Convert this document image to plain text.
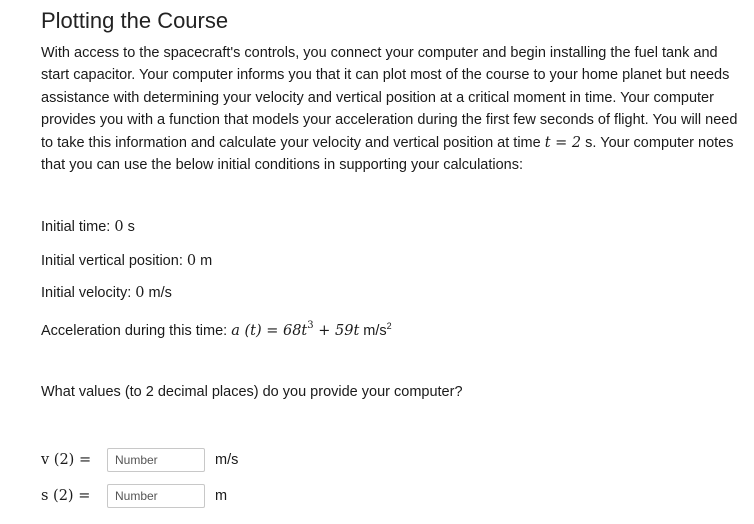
Plotting the Course
With access to the spacecraft's controls, you connect your computer and begin installing the fuel tank and start capacitor. Your computer informs you that it can plot most of the course to your home planet but needs assistance with determining your velocity and vertical position at a critical moment in time. Your computer provides you with a function that models your acceleration during the first few seconds of flight. You will need to take this information and calculate your velocity and vertical position at time t = 2 s. Your computer notes that you can use the below initial conditions in supporting your calculations:
Initial time: 0 s
Initial vertical position: 0 m
Initial velocity: 0 m/s
Acceleration during this time: a $(t) = 68t^3 + 59t$ $m/s^2$
What values (to 2 decimal places) do you provide your computer?
v (2) =
Number	m/s
s (2) =
Number	m
